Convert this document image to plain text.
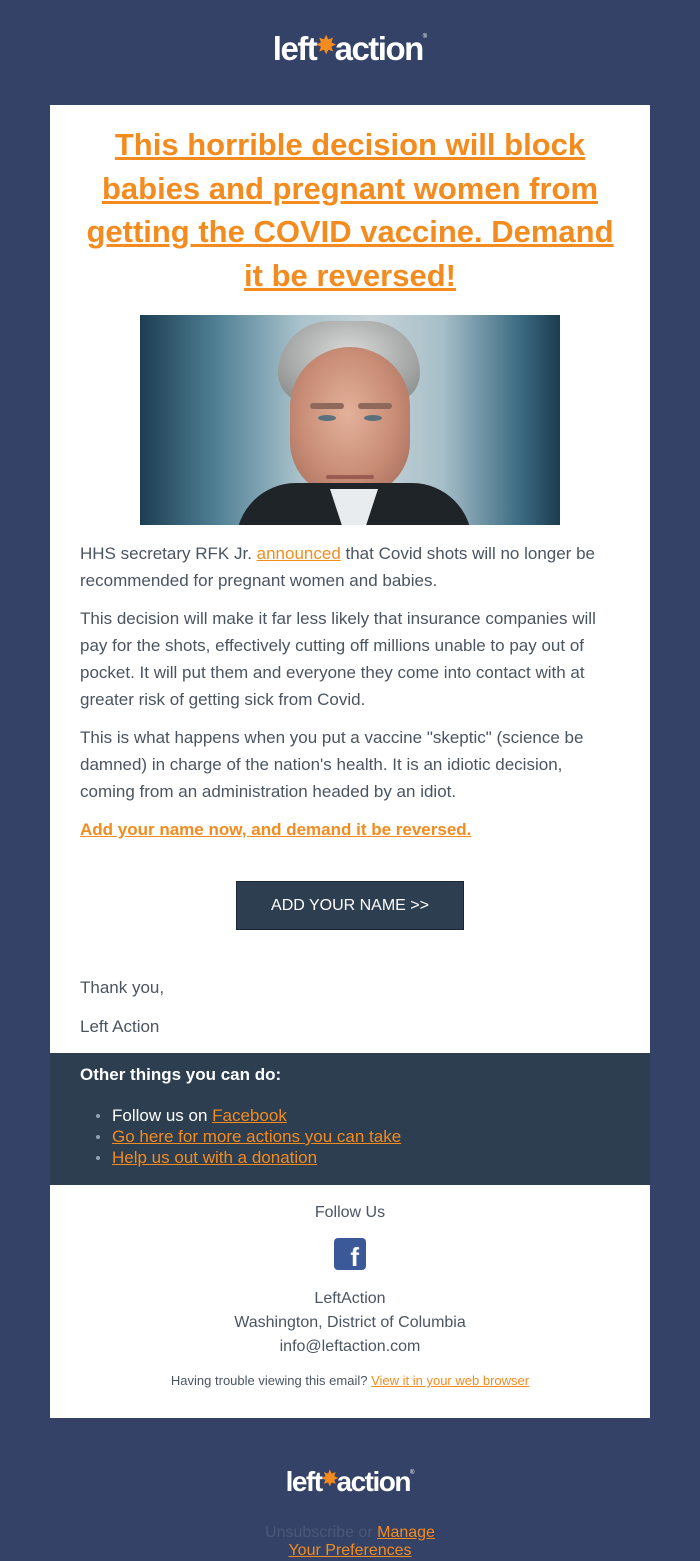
left✸action®
This horrible decision will block babies and pregnant women from getting the COVID vaccine. Demand it be reversed!

HHS secretary RFK Jr. announced that Covid shots will no longer be recommended for pregnant women and babies.

This decision will make it far less likely that insurance companies will pay for the shots, effectively cutting off millions unable to pay out of pocket. It will put them and everyone they come into contact with at greater risk of getting sick from Covid.

This is what happens when you put a vaccine "skeptic" (science be damned) in charge of the nation's health. It is an idiotic decision, coming from an administration headed by an idiot.

Add your name now, and demand it be reversed.

ADD YOUR NAME >>

Thank you,

Left Action

Other things you can do:

Follow us on Facebook
Go here for more actions you can take
Help us out with a donation

Follow Us

f

LeftAction

Washington, District of Columbia

info@leftaction.com

Having trouble viewing this email? View it in your web browser

left✸action®
Unsubscribe or Manage Your Preferences
